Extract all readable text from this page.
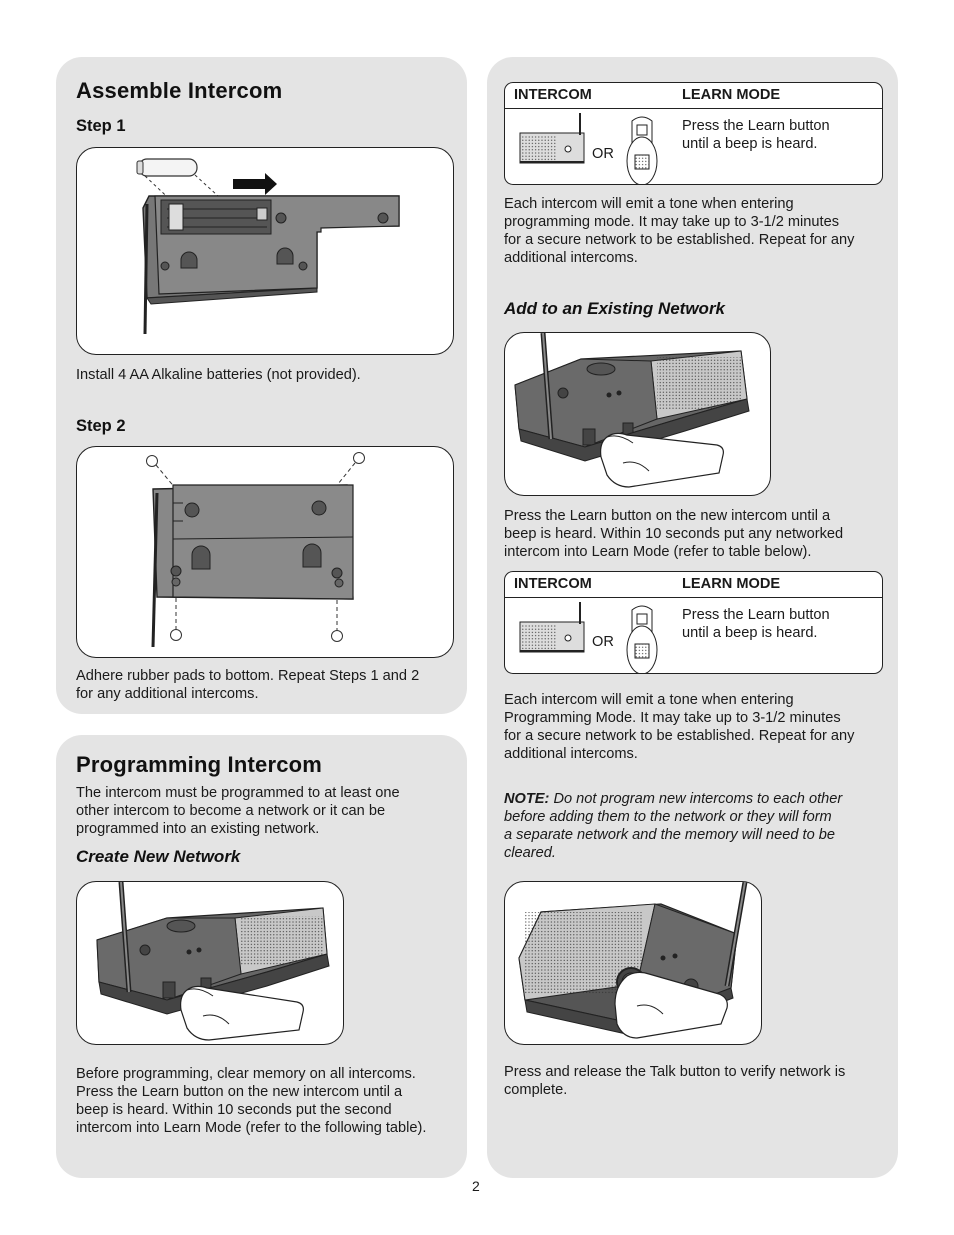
Assemble Intercom
Step 1
Install 4 AA Alkaline batteries (not provided).
Step 2
Adhere rubber pads to bottom. Repeat Steps 1 and 2
for any additional intercoms.
Programming Intercom
The intercom must be programmed to at least one
other intercom to become a network or it can be
programmed into an existing network.
Create New Network
Before programming, clear memory on all intercoms.
Press the Learn button on the new intercom until a
beep is heard. Within 10 seconds put the second
intercom into Learn Mode (refer to the following table).
INTERCOM	LEARN MODE
OR
Press the Learn button
until a beep is heard.
Each intercom will emit a tone when entering
programming mode. It may take up to 3-1/2 minutes
for a secure network to be established. Repeat for any
additional intercoms.
Add to an Existing Network
Press the Learn button on the new intercom until a
beep is heard. Within 10 seconds put any networked
intercom into Learn Mode (refer to table below).
INTERCOM	LEARN MODE
OR
Press the Learn button
until a beep is heard.
Each intercom will emit a tone when entering
Programming Mode. It may take up to 3-1/2 minutes
for a secure network to be established. Repeat for any
additional intercoms.
NOTE: Do not program new intercoms to each other
before adding them to the network or they will form
a separate network and the memory will need to be
cleared.
Press and release the Talk button to verify network is
complete.
2
